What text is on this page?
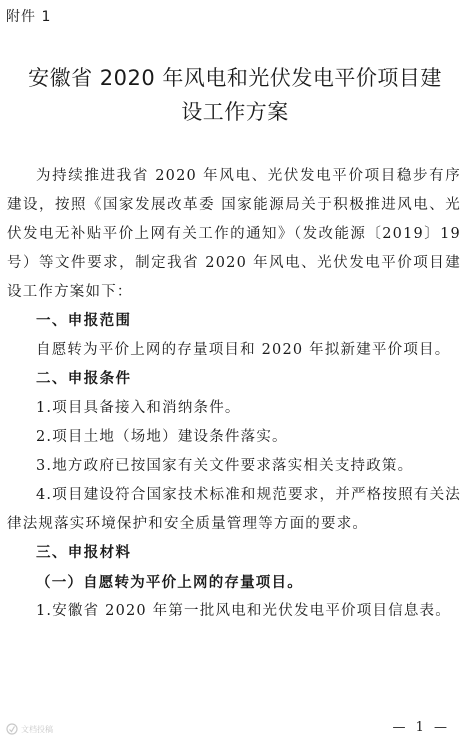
附件 1
安徽省 2020 年风电和光伏发电平价项目建
设工作方案

为持续推进我省 2020 年风电、光伏发电平价项目稳步有序建设，按照《国家发展改革委 国家能源局关于积极推进风电、光伏发电无补贴平价上网有关工作的通知》（发改能源〔2019〕19 号）等文件要求，制定我省 2020 年风电、光伏发电平价项目建设工作方案如下：

一、申报范围

自愿转为平价上网的存量项目和 2020 年拟新建平价项目。

二、申报条件

1.项目具备接入和消纳条件。

2.项目土地（场地）建设条件落实。

3.地方政府已按国家有关文件要求落实相关支持政策。

4.项目建设符合国家技术标准和规范要求，并严格按照有关法律法规落实环境保护和安全质量管理等方面的要求。

三、申报材料

（一）自愿转为平价上网的存量项目。

1.安徽省 2020 年第一批风电和光伏发电平价项目信息表。

文档投稿	— 1 —
